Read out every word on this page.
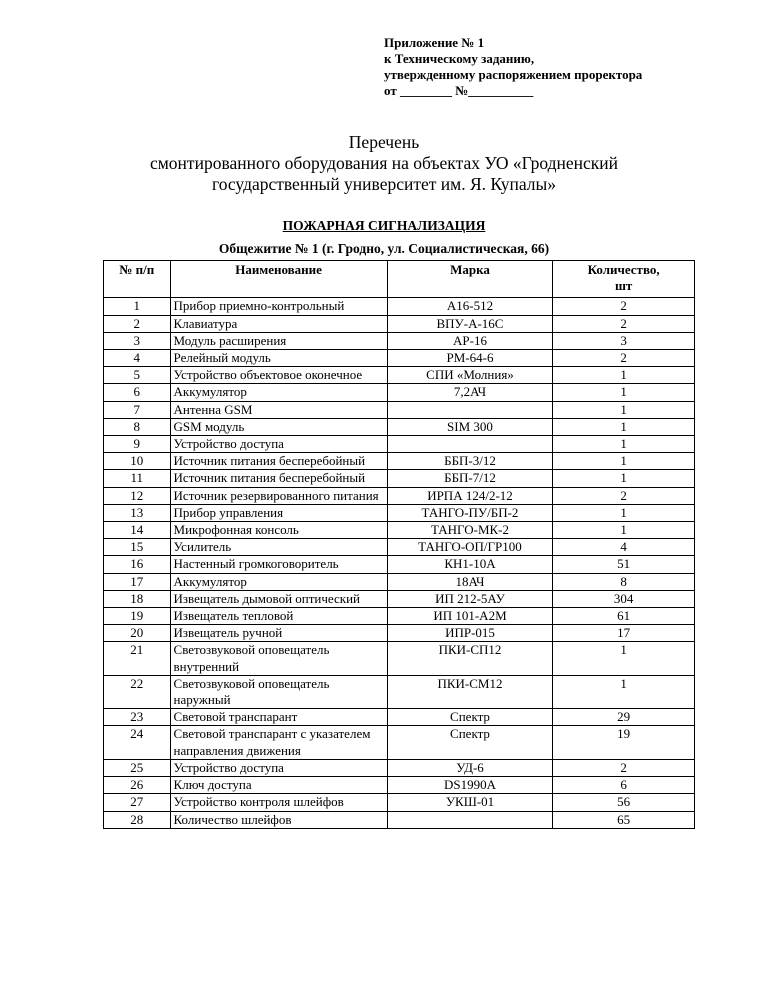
Приложение № 1
к Техническому заданию,
утвержденному распоряжением проректора
от ________ №__________
Перечень
смонтированного оборудования на объектах УО «Гродненский
государственный университет им. Я. Купалы»
ПОЖАРНАЯ СИГНАЛИЗАЦИЯ
Общежитие № 1 (г. Гродно, ул. Социалистическая, 66)
№ п/п	Наименование	Марка	Количество,
шт

1	Прибор приемно-контрольный	А16-512	2
2	Клавиатура	ВПУ-А-16С	2
3	Модуль расширения	АР-16	3
4	Релейный модуль	РМ-64-6	2
5	Устройство объектовое оконечное	СПИ «Молния»	1
6	Аккумулятор	7,2АЧ	1
7	Антенна GSM		1
8	GSM модуль	SIM 300	1
9	Устройство доступа		1
10	Источник питания бесперебойный	ББП-3/12	1
11	Источник питания бесперебойный	ББП-7/12	1
12	Источник резервированного питания	ИРПА 124/2-12	2
13	Прибор управления	ТАНГО-ПУ/БП-2	1
14	Микрофонная консоль	ТАНГО-МК-2	1
15	Усилитель	ТАНГО-ОП/ГР100	4
16	Настенный громкоговоритель	КН1-10А	51
17	Аккумулятор	18АЧ	8
18	Извещатель дымовой оптический	ИП 212-5АУ	304
19	Извещатель тепловой	ИП 101-А2М	61
20	Извещатель ручной	ИПР-015	17
21	Светозвуковой оповещатель внутренний	ПКИ-СП12	1
22	Светозвуковой оповещатель наружный	ПКИ-СМ12	1
23	Световой транспарант	Спектр	29
24	Световой транспарант с указателем направления движения	Спектр	19
25	Устройство доступа	УД-6	2
26	Ключ доступа	DS1990A	6
27	Устройство контроля шлейфов	УКШ-01	56
28	Количество шлейфов		65
